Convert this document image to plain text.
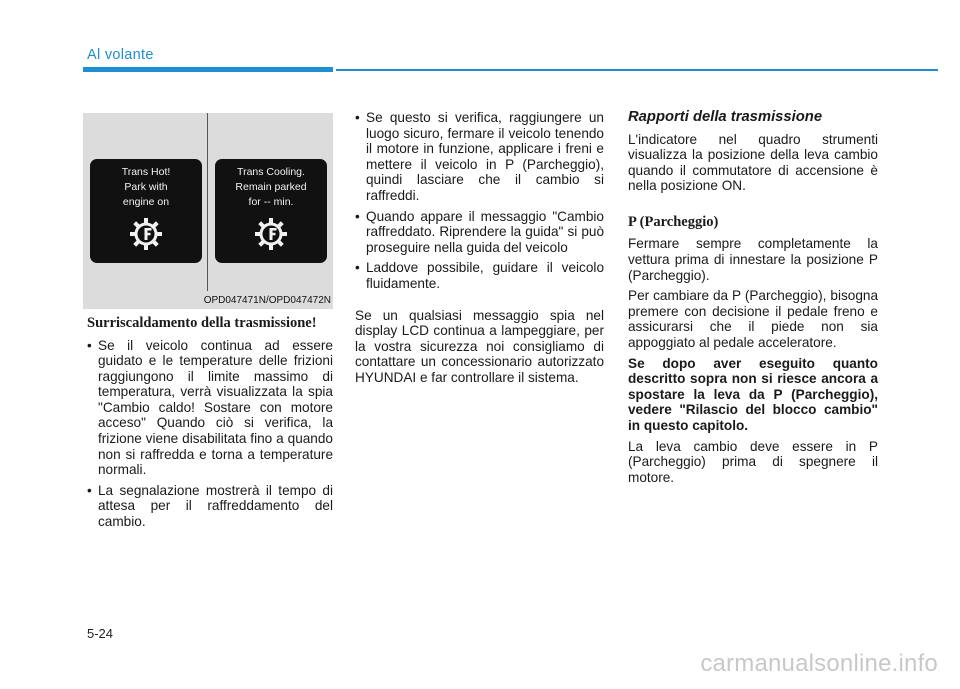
Al volante
Trans Hot!
Park with
engine on
Trans Cooling.
Remain parked
for -- min.
OPD047471N/OPD047472N
Surriscaldamento della trasmissione!
• Se il veicolo continua ad essere guidato e le temperature delle frizioni raggiungono il limite massimo di temperatura, verrà visualizzata la spia "Cambio caldo! Sostare con motore acceso" Quando ciò si verifica, la frizione viene disabilitata fino a quando non si raffredda e torna a temperature normali.
• La segnalazione mostrerà il tempo di attesa per il raffreddamento del cambio.
• Se questo si verifica, raggiungere un luogo sicuro, fermare il veicolo tenendo il motore in funzione, applicare i freni e mettere il veicolo in P (Parcheggio), quindi lasciare che il cambio si raffreddi.
• Quando appare il messaggio "Cambio raffreddato. Riprendere la guida" si può proseguire nella guida del veicolo
• Laddove possibile, guidare il veicolo fluidamente.

Se un qualsiasi messaggio spia nel display LCD continua a lampeggiare, per la vostra sicurezza noi consigliamo di contattare un concessionario autorizzato HYUNDAI e far controllare il sistema.

Rapporti della trasmissione

L'indicatore nel quadro strumenti visualizza la posizione della leva cambio quando il commutatore di accensione è nella posizione ON.

P (Parcheggio)

Fermare sempre completamente la vettura prima di innestare la posizione P (Parcheggio).

Per cambiare da P (Parcheggio), bisogna premere con decisione il pedale freno e assicurarsi che il piede non sia appoggiato al pedale acceleratore.

Se dopo aver eseguito quanto descritto sopra non si riesce ancora a spostare la leva da P (Parcheggio), vedere "Rilascio del blocco cambio" in questo capitolo.

La leva cambio deve essere in P (Parcheggio) prima di spegnere il motore.

5-24
carmanualsonline.info
